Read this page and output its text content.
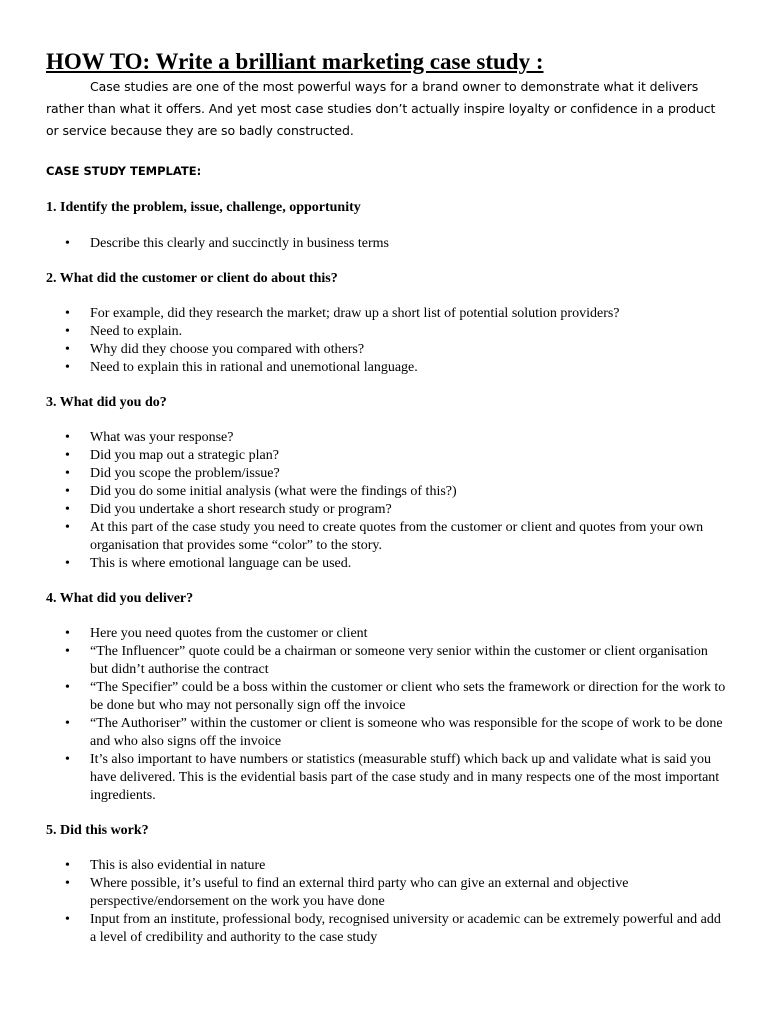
HOW TO: Write a brilliant marketing case study :

Case studies are one of the most powerful ways for a brand owner to demonstrate what it delivers rather than what it offers. And yet most case studies don’t actually inspire loyalty or confidence in a product or service because they are so badly constructed.

CASE STUDY TEMPLATE:

1. Identify the problem, issue, challenge, opportunity

• Describe this clearly and succinctly in business terms

2. What did the customer or client do about this?

• For example, did they research the market; draw up a short list of potential solution providers?
• Need to explain.
• Why did they choose you compared with others?
• Need to explain this in rational and unemotional language.

3. What did you do?

• What was your response?
• Did you map out a strategic plan?
• Did you scope the problem/issue?
• Did you do some initial analysis (what were the findings of this?)
• Did you undertake a short research study or program?
• At this part of the case study you need to create quotes from the customer or client and quotes from your own organisation that provides some “color” to the story.
• This is where emotional language can be used.

4. What did you deliver?

• Here you need quotes from the customer or client
• “The Influencer” quote could be a chairman or someone very senior within the customer or client organisation but didn’t authorise the contract
• “The Specifier” could be a boss within the customer or client who sets the framework or direction for the work to be done but who may not personally sign off the invoice
• “The Authoriser” within the customer or client is someone who was responsible for the scope of work to be done and who also signs off the invoice
• It’s also important to have numbers or statistics (measurable stuff) which back up and validate what is said you have delivered. This is the evidential basis part of the case study and in many respects one of the most important ingredients.

5. Did this work?

• This is also evidential in nature
• Where possible, it’s useful to find an external third party who can give an external and objective perspective/endorsement on the work you have done
• Input from an institute, professional body, recognised university or academic can be extremely powerful and add a level of credibility and authority to the case study
